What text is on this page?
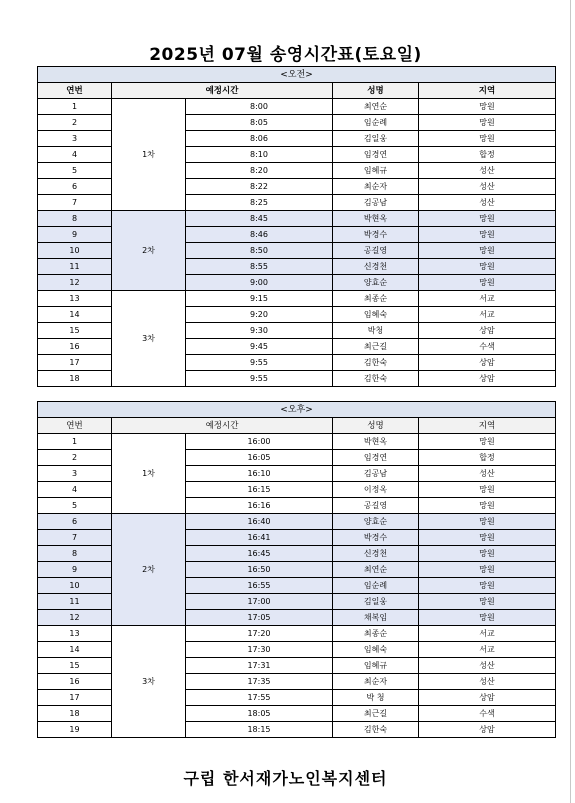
2025년 07월 송영시간표(토요일)
<오전>				
연번	예정시간		성명	지역
1	1차	8:00	최연순	망원
2		8:05	임순례	망원
3		8:06	김일웅	망원
4		8:10	임경연	합정
5		8:20	임혜규	성산
6		8:22	최순자	성산
7		8:25	김공남	성산
8	2차	8:45	박현옥	망원
9		8:46	박경수	망원
10		8:50	공길영	망원
11		8:55	신경천	망원
12		9:00	양효순	망원
13	3차	9:15	최종순	서교
14		9:20	임혜숙	서교
15		9:30	박청	상암
16		9:45	최근길	수색
17		9:55	김한숙	상암
18		9:55	김한숙	상암
<오후>				
연번	예정시간		성명	지역
1	1차	16:00	박현옥	망원
2		16:05	임경연	합정
3		16:10	김공남	성산
4		16:15	이정옥	망원
5		16:16	공길영	망원
6	2차	16:40	양효순	망원
7		16:41	박경수	망원
8		16:45	신경천	망원
9		16:50	최연순	망원
10		16:55	임순례	망원
11		17:00	김일웅	망원
12		17:05	채복임	망원
13	3차	17:20	최종순	서교
14		17:30	임혜숙	서교
15		17:31	임혜규	성산
16		17:35	최순자	성산
17		17:55	박 청	상암
18		18:05	최근길	수색
19		18:15	김한숙	상암
구립 한서재가노인복지센터
